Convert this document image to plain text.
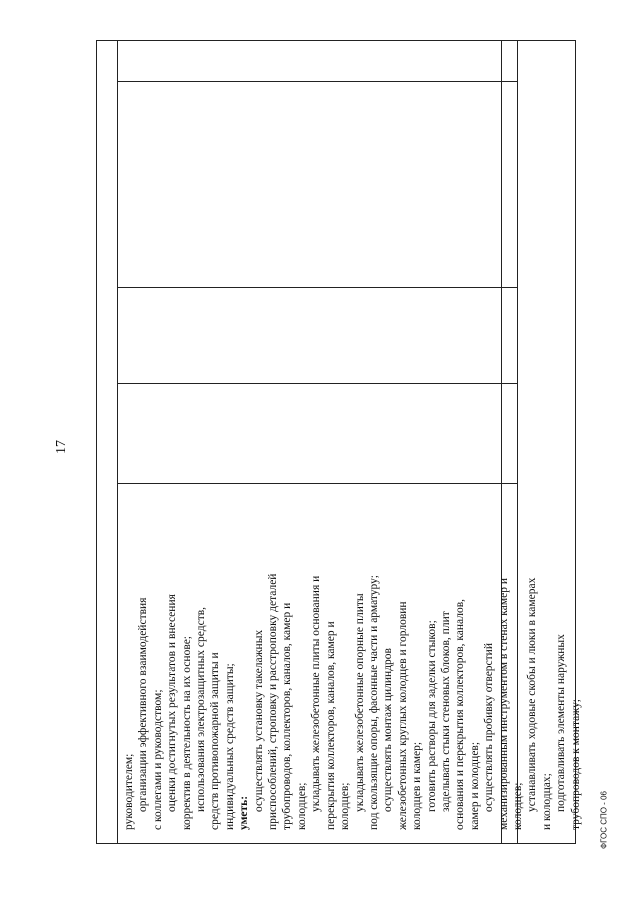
17
ФГОС СПО - 06

руководителем; организации эффективного взаимодействия с коллегами и руководством; оценки достигнутых результатов и внесения корректив в деятельность на их основе; использования электрозащитных средств, средств противопожарной защиты и индивидуальных средств защиты; уметь:

осуществлять установку такелажных приспособлений, строповку и расстроповку деталей трубопроводов, коллекторов, каналов, камер и колодцев; укладывать железобетонные плиты основания и перекрытия коллекторов, каналов, камер и колодцев; укладывать железобетонные опорные плиты под скользящие опоры, фасонные части и арматуру; осуществлять монтаж цилиндров железобетонных круглых колодцев и горловин колодцев и камер; готовить растворы для заделки стыков; заделывать стыки стеновых блоков, плит основания и перекрытия коллекторов, каналов, камер и колодцев; осуществлять пробивку отверстий механизированным инструментом в стенах камер и колодцев; устанавливать ходовые скобы и люки в камерах и колодцах; подготавливать элементы наружных трубопроводов к монтажу;
